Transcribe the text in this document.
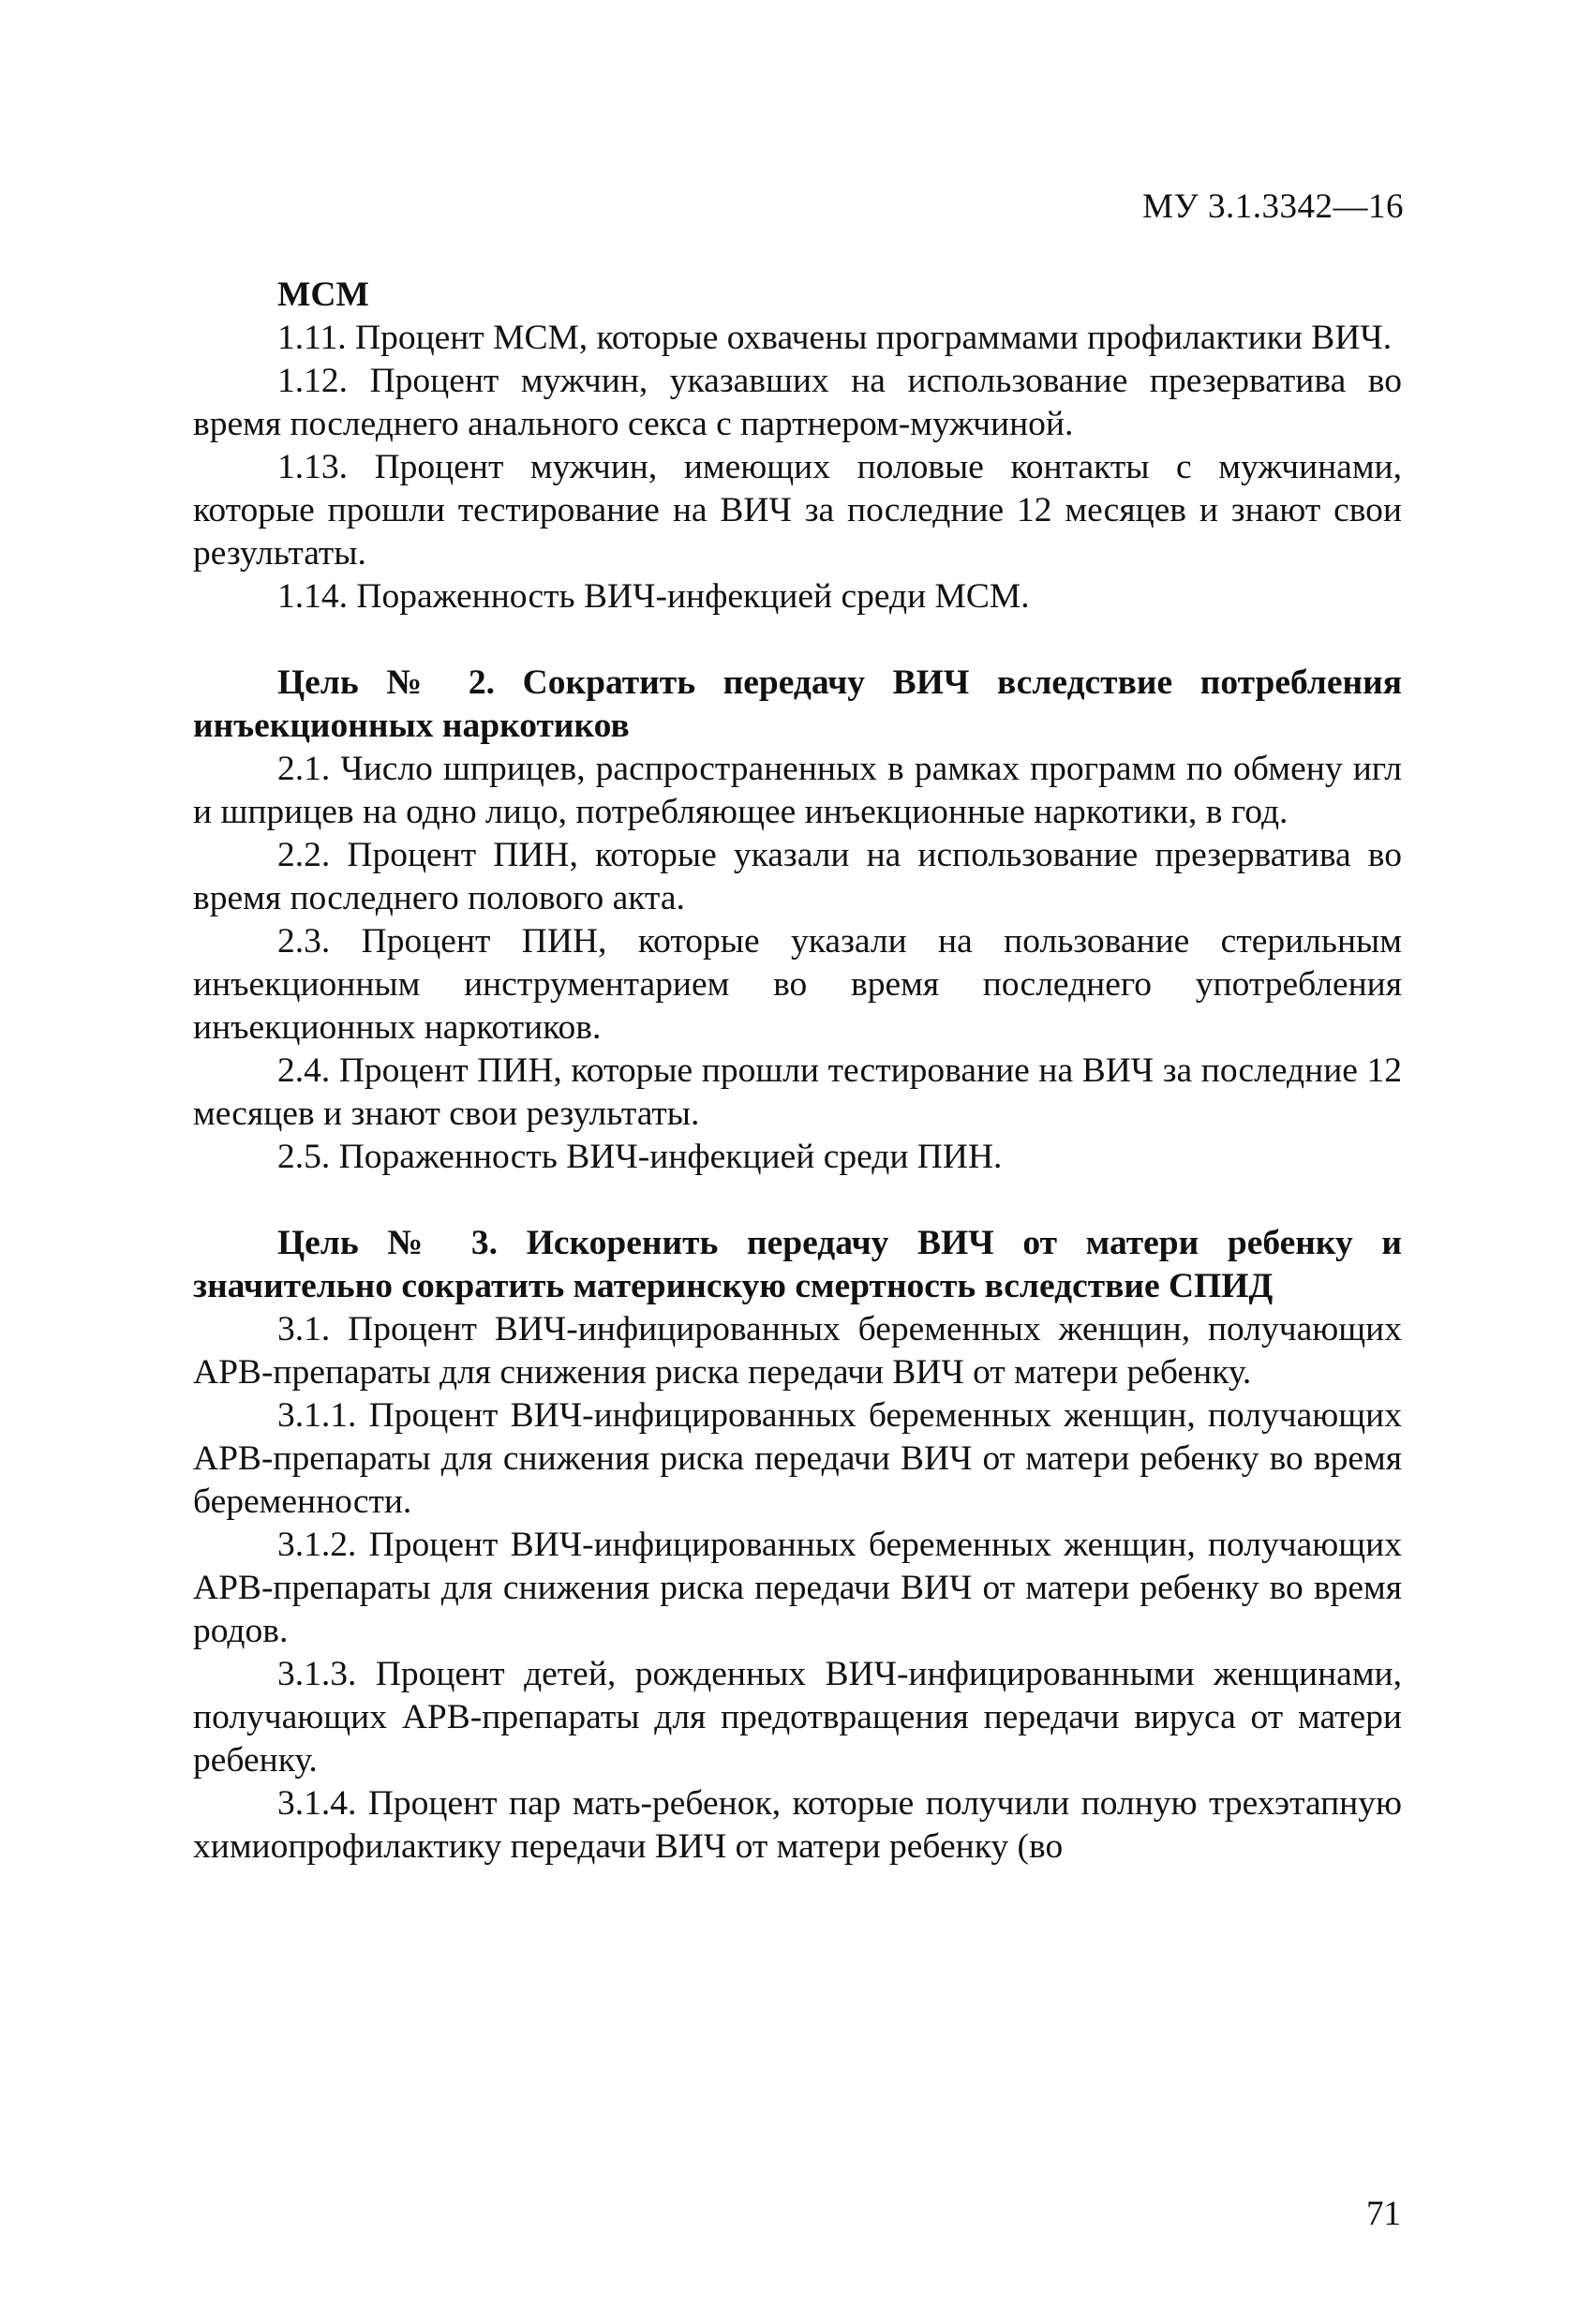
МУ 3.1.3342—16

МСМ

1.11. Процент МСМ, которые охвачены программами профилактики ВИЧ.

1.12. Процент мужчин, указавших на использование презерватива во время последнего анального секса с партнером-мужчиной.

1.13. Процент мужчин, имеющих половые контакты с мужчинами, которые прошли тестирование на ВИЧ за последние 12 месяцев и знают свои результаты.

1.14. Пораженность ВИЧ-инфекцией среди МСМ.

Цель № 2. Сократить передачу ВИЧ вследствие потребления инъекционных наркотиков

2.1. Число шприцев, распространенных в рамках программ по обмену игл и шприцев на одно лицо, потребляющее инъекционные наркотики, в год.

2.2. Процент ПИН, которые указали на использование презерватива во время последнего полового акта.

2.3. Процент ПИН, которые указали на пользование стерильным инъекционным инструментарием во время последнего употребления инъекционных наркотиков.

2.4. Процент ПИН, которые прошли тестирование на ВИЧ за последние 12 месяцев и знают свои результаты.

2.5. Пораженность ВИЧ-инфекцией среди ПИН.

Цель № 3. Искоренить передачу ВИЧ от матери ребенку и значительно сократить материнскую смертность вследствие СПИД

3.1. Процент ВИЧ-инфицированных беременных женщин, получающих АРВ-препараты для снижения риска передачи ВИЧ от матери ребенку.

3.1.1. Процент ВИЧ-инфицированных беременных женщин, получающих АРВ-препараты для снижения риска передачи ВИЧ от матери ребенку во время беременности.

3.1.2. Процент ВИЧ-инфицированных беременных женщин, получающих АРВ-препараты для снижения риска передачи ВИЧ от матери ребенку во время родов.

3.1.3. Процент детей, рожденных ВИЧ-инфицированными женщинами, получающих АРВ-препараты для предотвращения передачи вируса от матери ребенку.

3.1.4. Процент пар мать-ребенок, которые получили полную трехэтапную химиопрофилактику передачи ВИЧ от матери ребенку (во

71
